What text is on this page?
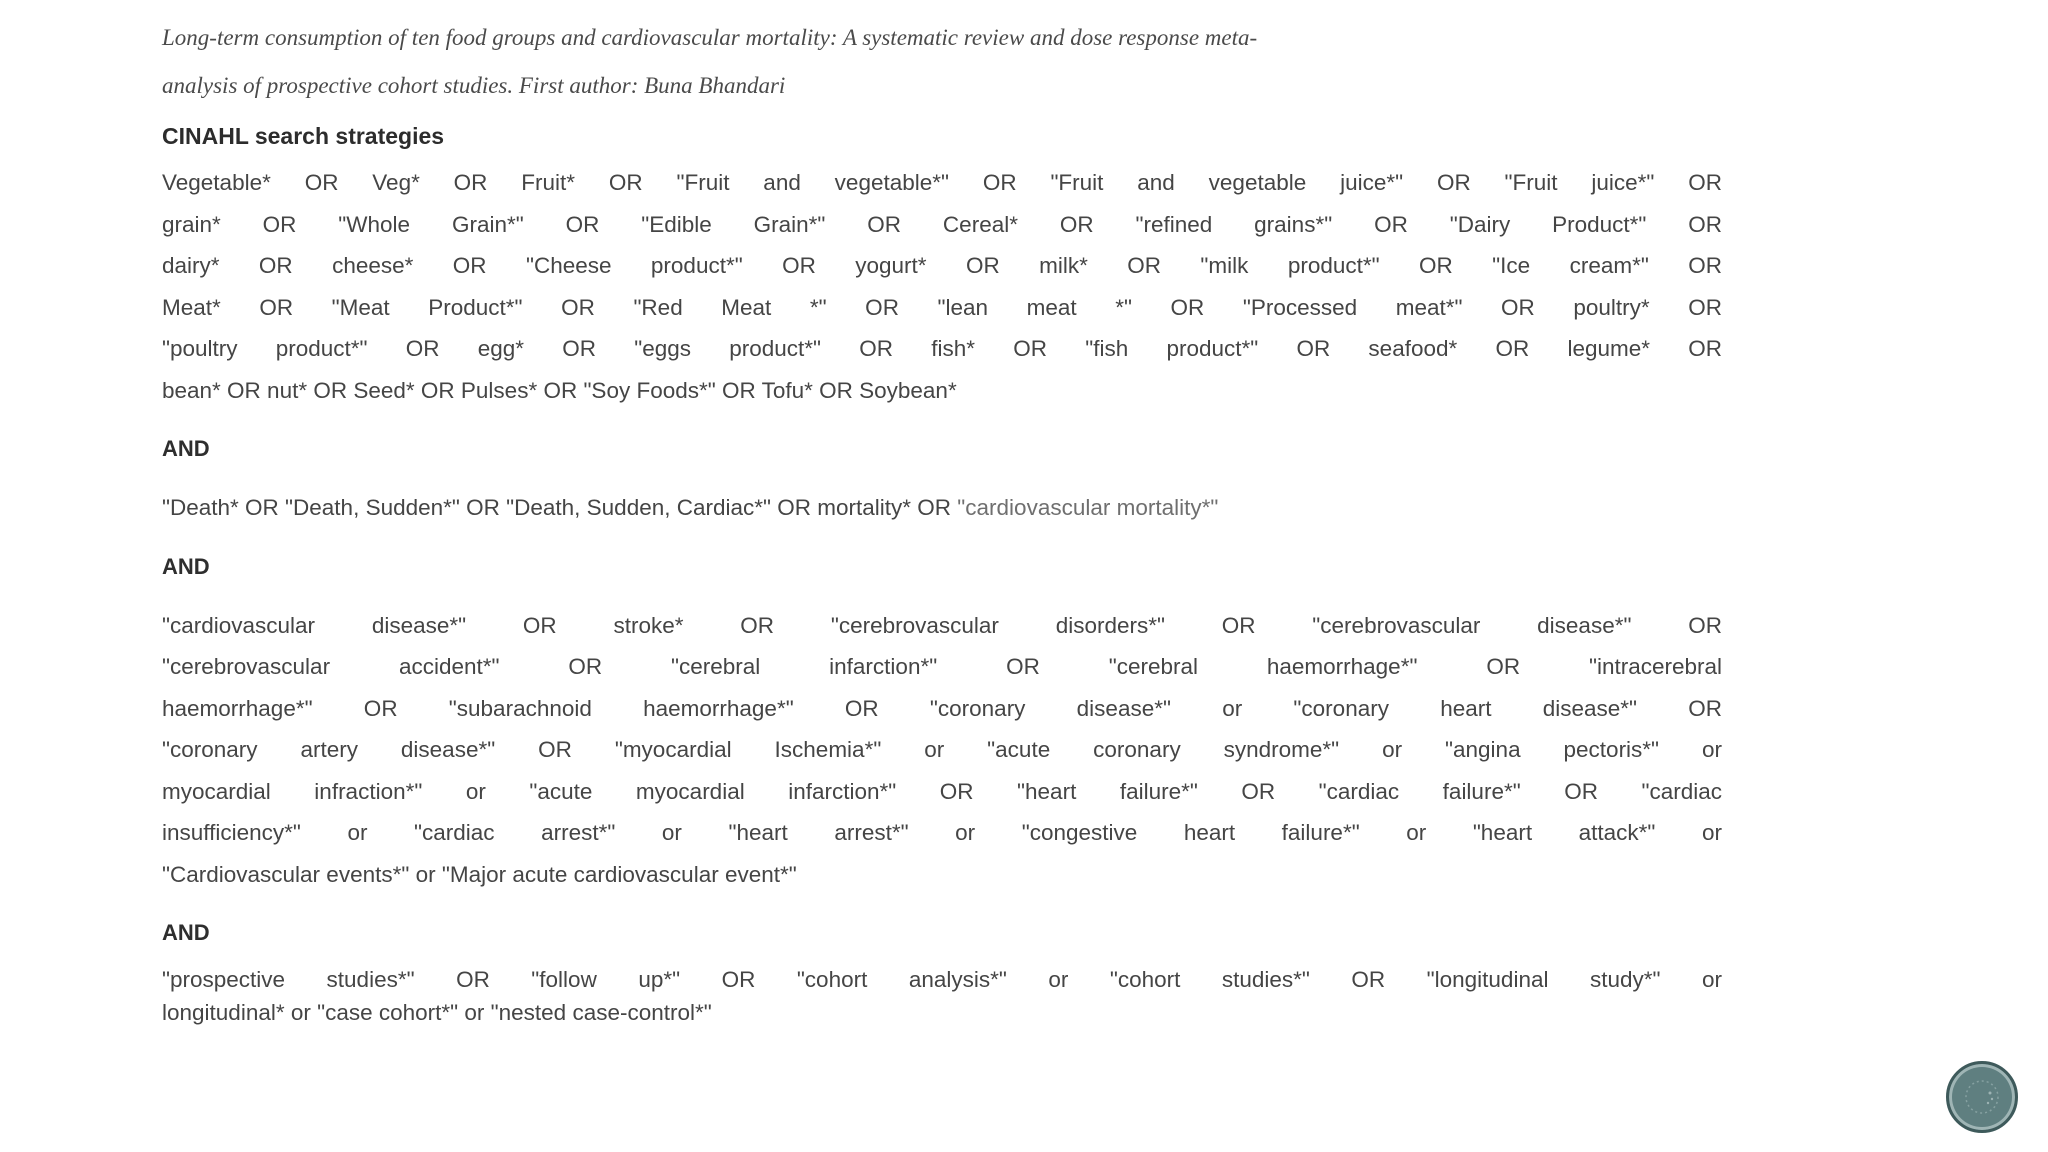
Long-term consumption of ten food groups and cardiovascular mortality: A systematic review and dose response meta-
analysis of prospective cohort studies. First author: Buna Bhandari
CINAHL search strategies
Vegetable* OR Veg* OR Fruit* OR "Fruit and vegetable*" OR "Fruit and vegetable juice*" OR "Fruit juice*" OR
grain* OR "Whole Grain*" OR "Edible Grain*" OR Cereal* OR "refined grains*" OR "Dairy Product*" OR
dairy* OR cheese* OR "Cheese product*" OR yogurt* OR milk* OR "milk product*" OR "Ice cream*" OR
Meat* OR "Meat Product*" OR "Red Meat *" OR "lean meat *" OR "Processed meat*" OR poultry* OR
"poultry product*" OR egg* OR "eggs product*" OR fish* OR "fish product*" OR seafood* OR legume* OR
bean* OR nut* OR Seed* OR Pulses* OR "Soy Foods*" OR Tofu* OR Soybean*
AND
"Death* OR "Death, Sudden*" OR "Death, Sudden, Cardiac*" OR mortality* OR "cardiovascular mortality*"
AND
"cardiovascular disease*" OR stroke* OR "cerebrovascular disorders*" OR "cerebrovascular disease*" OR
"cerebrovascular accident*" OR "cerebral infarction*" OR "cerebral haemorrhage*" OR "intracerebral
haemorrhage*" OR "subarachnoid haemorrhage*" OR "coronary disease*" or "coronary heart disease*" OR
"coronary artery disease*" OR "myocardial Ischemia*" or "acute coronary syndrome*" or "angina pectoris*" or
myocardial infraction*" or "acute myocardial infarction*" OR "heart failure*" OR "cardiac failure*" OR "cardiac
insufficiency*" or "cardiac arrest*" or "heart arrest*" or "congestive heart failure*" or "heart attack*" or
"Cardiovascular events*" or "Major acute cardiovascular event*"
AND
"prospective studies*" OR "follow up*" OR "cohort analysis*" or "cohort studies*" OR "longitudinal study*" or
longitudinal* or "case cohort*" or "nested case-control*"
